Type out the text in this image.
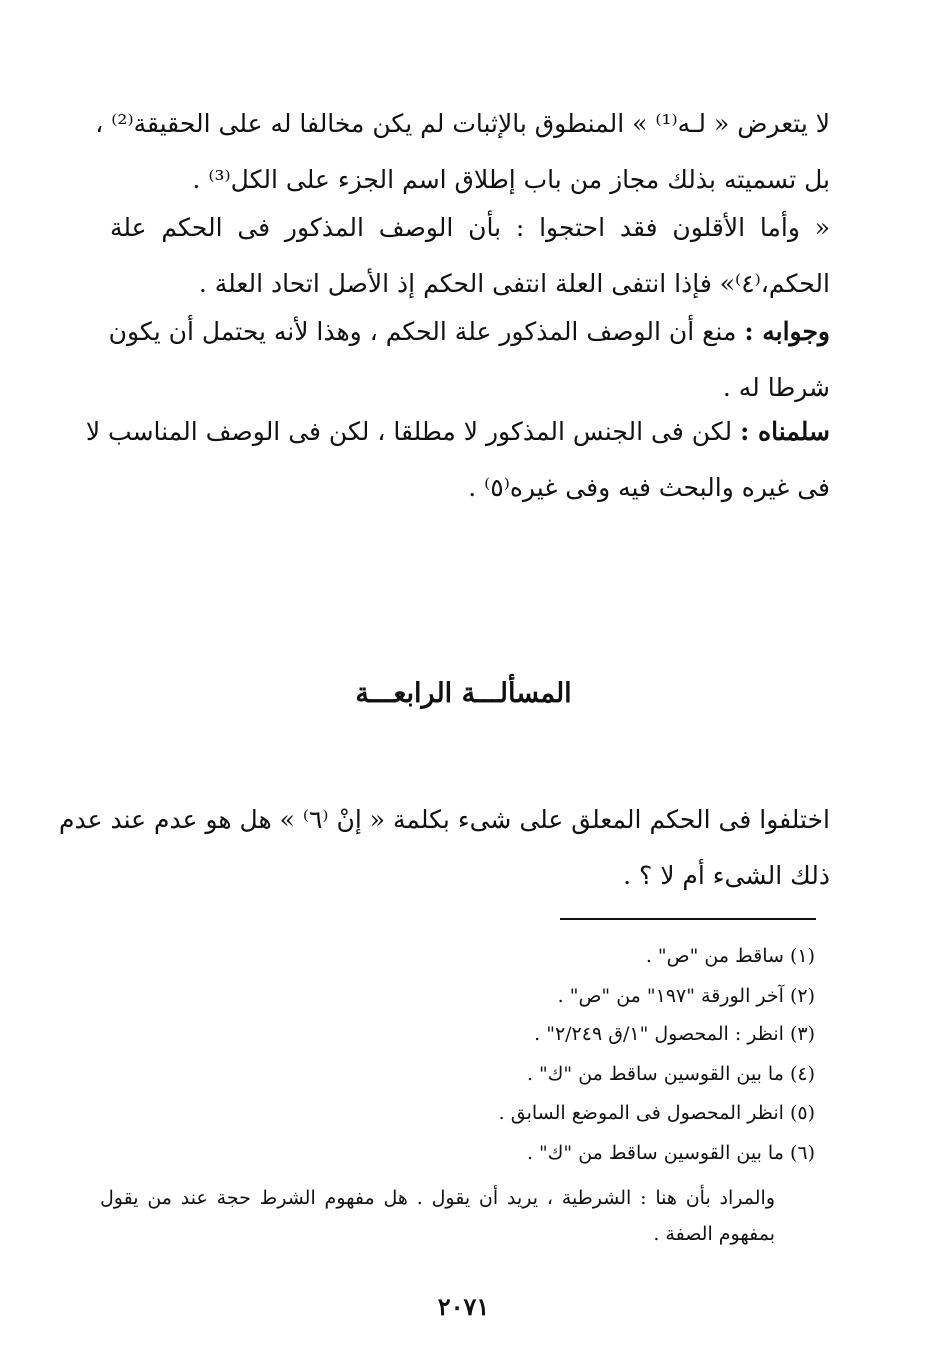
لا يتعرض « لـه⁽¹⁾ » المنطوق بالإثبات لم يكن مخالفا له على الحقيقة⁽²⁾ ،
بل تسميته بذلك مجاز من باب إطلاق اسم الجزء على الكل⁽³⁾ .
« وأما الأقلون فقد احتجوا : بأن الوصف المذكور فى الحكم علة
الحكم،⁽٤⁾» فإذا انتفى العلة انتفى الحكم إذ الأصل اتحاد العلة .
وجوابه : منع أن الوصف المذكور علة الحكم ، وهذا لأنه يحتمل أن يكون
شرطا له .
سلمناه : لكن فى الجنس المذكور لا مطلقا ، لكن فى الوصف المناسب لا
فى غيره والبحث فيه وفى غيره⁽٥⁾ .
المسألـــة الرابعـــة
اختلفوا فى الحكم المعلق على شىء بكلمة « إنْ ⁽٦⁾ » هل هو عدم عند عدم
ذلك الشىء أم لا ؟ .
(١) ساقط من "ص" .
(٢) آخر الورقة "١٩٧" من "ص" .
(٣) انظر : المحصول "١/ق ٢/٢٤٩" .
(٤) ما بين القوسين ساقط من "ك" .
(٥) انظر المحصول فى الموضع السابق .
(٦) ما بين القوسين ساقط من "ك" .
والمراد بأن هنا : الشرطية ، يريد أن يقول . هل مفهوم الشرط حجة عند من يقول
بمفهوم الصفة .
٢٠٧١
